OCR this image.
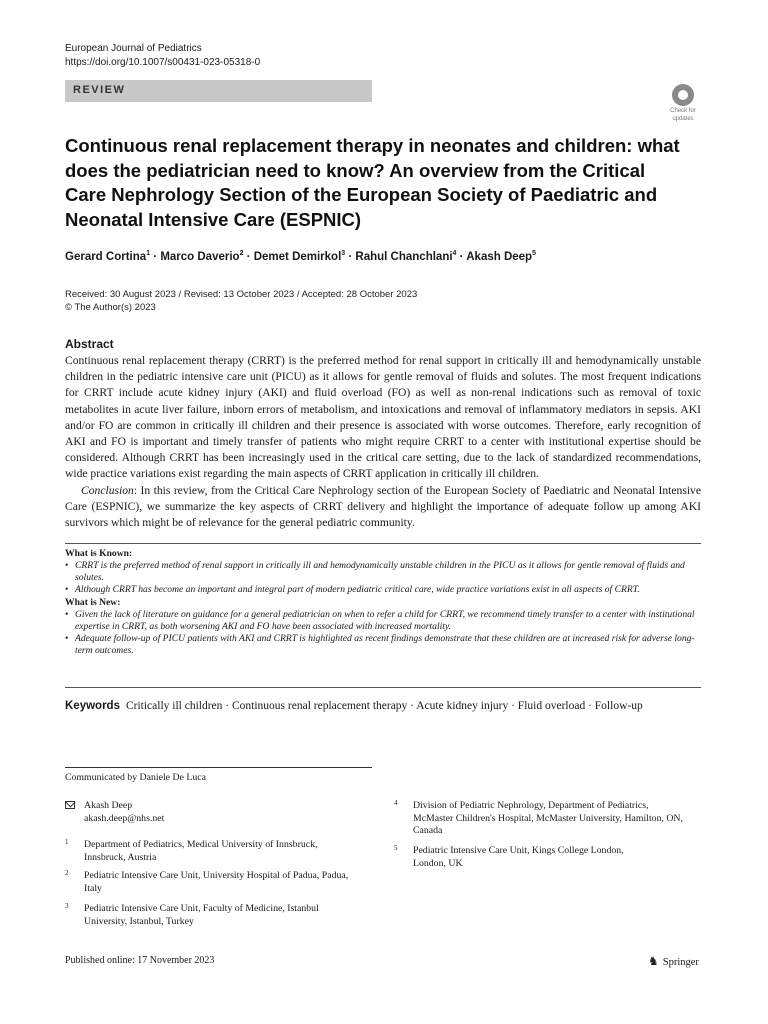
European Journal of Pediatrics
https://doi.org/10.1007/s00431-023-05318-0
REVIEW
Check for
updates
Continuous renal replacement therapy in neonates and children: what does the pediatrician need to know? An overview from the Critical Care Nephrology Section of the European Society of Paediatric and Neonatal Intensive Care (ESPNIC)
Gerard Cortina$^1$ · Marco Daverio$^2$ · Demet Demirkol$^3$ · Rahul Chanchlani$^4$ · Akash Deep$^5$
Received: 30 August 2023 / Revised: 13 October 2023 / Accepted: 28 October 2023
© The Author(s) 2023
Abstract

Continuous renal replacement therapy (CRRT) is the preferred method for renal support in critically ill and hemodynamically unstable children in the pediatric intensive care unit (PICU) as it allows for gentle removal of fluids and solutes. The most frequent indications for CRRT include acute kidney injury (AKI) and fluid overload (FO) as well as non-renal indications such as removal of toxic metabolites in acute liver failure, inborn errors of metabolism, and intoxications and removal of inflammatory mediators in sepsis. AKI and/or FO are common in critically ill children and their presence is associated with worse outcomes. Therefore, early recognition of AKI and FO is important and timely transfer of patients who might require CRRT to a center with institutional expertise should be considered. Although CRRT has been increasingly used in the critical care setting, due to the lack of standardized recommendations, wide practice variations exist regarding the main aspects of CRRT application in critically ill children.

Conclusion: In this review, from the Critical Care Nephrology section of the European Society of Paediatric and Neonatal Intensive Care (ESPNIC), we summarize the key aspects of CRRT delivery and highlight the importance of adequate follow up among AKI survivors which might be of relevance for the general pediatric community.

What is Known:
• CRRT is the preferred method of renal support in critically ill and hemodynamically unstable children in the PICU as it allows for gentle removal of fluids and solutes.
• Although CRRT has become an important and integral part of modern pediatric critical care, wide practice variations exist in all aspects of CRRT.
What is New:
• Given the lack of literature on guidance for a general pediatrician on when to refer a child for CRRT, we recommend timely transfer to a center with institutional expertise in CRRT, as both worsening AKI and FO have been associated with increased mortality.
• Adequate follow-up of PICU patients with AKI and CRRT is highlighted as recent findings demonstrate that these children are at increased risk for adverse long-term outcomes.
Keywords Critically ill children · Continuous renal replacement therapy · Acute kidney injury · Fluid overload · Follow-up
Communicated by Daniele De Luca
Akash Deep
akash.deep@nhs.net
1 Department of Pediatrics, Medical University of Innsbruck, Innsbruck, Austria
2 Pediatric Intensive Care Unit, University Hospital of Padua, Padua, Italy
3 Pediatric Intensive Care Unit, Faculty of Medicine, Istanbul University, Istanbul, Turkey
4 Division of Pediatric Nephrology, Department of Pediatrics, McMaster Children's Hospital, McMaster University, Hamilton, ON, Canada
5 Pediatric Intensive Care Unit, Kings College London, London, UK
Published online: 17 November 2023	♞ Springer
